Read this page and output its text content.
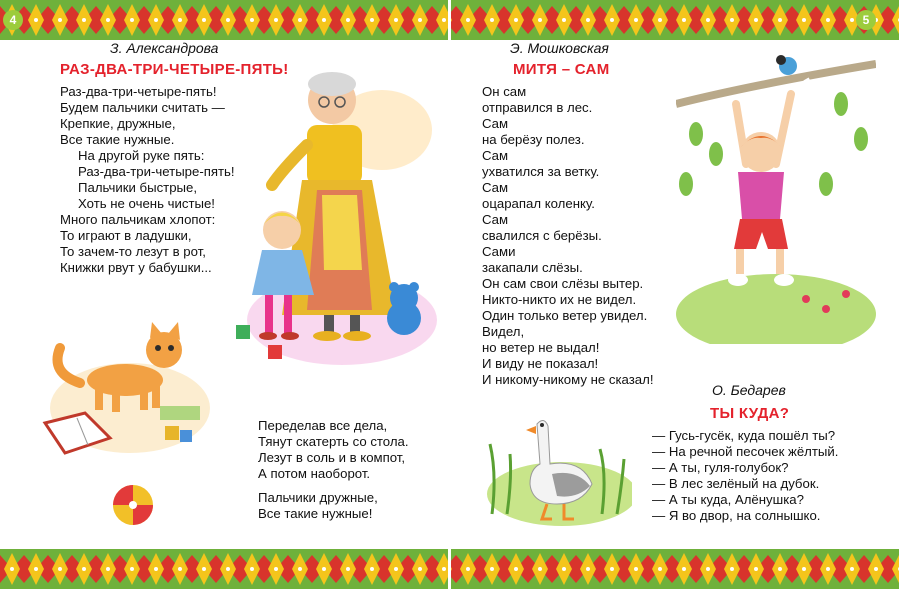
4	5
З. Александрова
РАЗ-ДВА-ТРИ-ЧЕТЫРЕ-ПЯТЬ!
Раз-два-три-четыре-пять!
Будем пальчики считать —
Крепкие, дружные,
Все такие нужные.
На другой руке пять:
Раз-два-три-четыре-пять!
Пальчики быстрые,
Хоть не очень чистые!
Много пальчикам хлопот:
То играют в ладушки,
То зачем-то лезут в рот,
Книжки рвут у бабушки...
Переделав все дела,
Тянут скатерть со стола.
Лезут в соль и в компот,
А потом наоборот.
Пальчики дружные,
Все такие нужные!
Э. Мошковская
МИТЯ – САМ
Он сам
отправился в лес.
Сам
на берёзу полез.
Сам
ухватился за ветку.
Сам
оцарапал коленку.
Сам
свалился с берёзы.
Сами
закапали слёзы.
Он сам свои слёзы вытер.
Никто-никто их не видел.
Один только ветер увидел.
Видел,
но ветер не выдал!
И виду не показал!
И никому-никому не сказал!
О. Бедарев
ТЫ КУДА?
— Гусь-гусёк, куда пошёл ты?
— На речной песочек жёлтый.
— А ты, гуля-голубок?
— В лес зелёный на дубок.
— А ты куда, Алёнушка?
— Я во двор, на солнышко.
